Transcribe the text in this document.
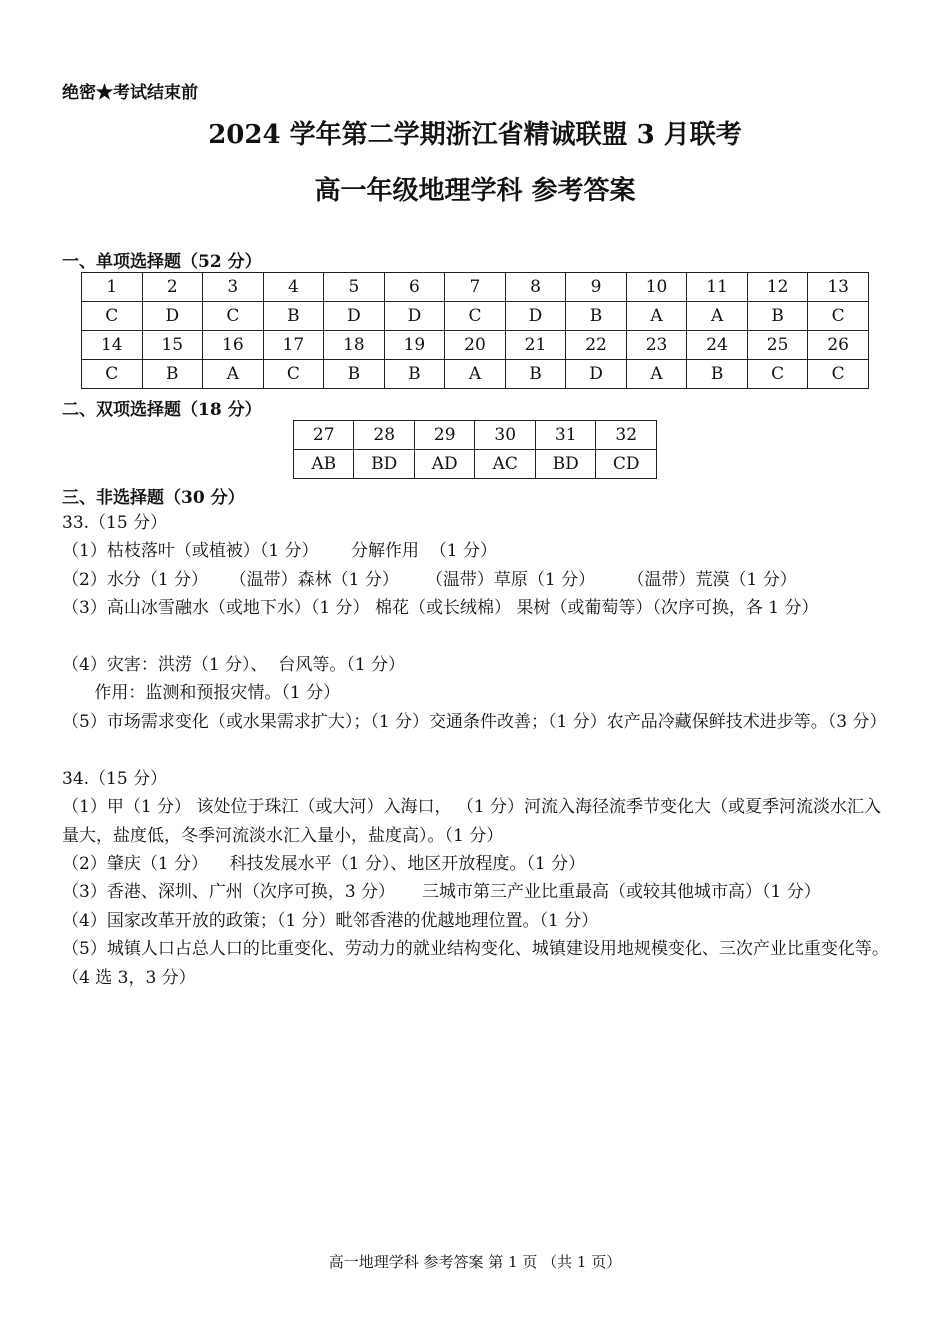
绝密★考试结束前
2024 学年第二学期浙江省精诚联盟 3 月联考
高一年级地理学科 参考答案
一、单项选择题（52 分）
1	2	3	4	5	6	7	8	9	10	11	12	13
C	D	C	B	D	D	C	D	B	A	A	B	C
14	15	16	17	18	19	20	21	22	23	24	25	26
C	B	A	C	B	B	A	B	D	A	B	C	C
二、双项选择题（18 分）
27	28	29	30	31	32
AB	BD	AD	AC	BD	CD
三、非选择题（30 分）
33.（15 分）
（1）枯枝落叶（或植被）（1 分）      分解作用  （1 分）
（2）水分（1 分）    （温带）森林（1 分）     （温带）草原（1 分）      （温带）荒漠（1 分）
（3）高山冰雪融水（或地下水）（1 分） 棉花（或长绒棉） 果树（或葡萄等）（次序可换，各 1 分）
（4）灾害：洪涝（1 分）、  台风等。（1 分）
作用：监测和预报灾情。（1 分）
（5）市场需求变化（或水果需求扩大）；（1 分）交通条件改善；（1 分）农产品冷藏保鲜技术进步等。（3 分）
34.（15 分）
（1）甲（1 分） 该处位于珠江（或大河）入海口， （1 分）河流入海径流季节变化大（或夏季河流淡水汇入量大，盐度低，冬季河流淡水汇入量小，盐度高）。（1 分）
（2）肇庆（1 分）    科技发展水平（1 分）、地区开放程度。（1 分）
（3）香港、深圳、广州（次序可换，3 分）     三城市第三产业比重最高（或较其他城市高）（1 分）
（4）国家改革开放的政策；（1 分）毗邻香港的优越地理位置。（1 分）
（5）城镇人口占总人口的比重变化、劳动力的就业结构变化、城镇建设用地规模变化、三次产业比重变化等。（4 选 3，3 分）
高一地理学科 参考答案 第 1 页 （共 1 页）
